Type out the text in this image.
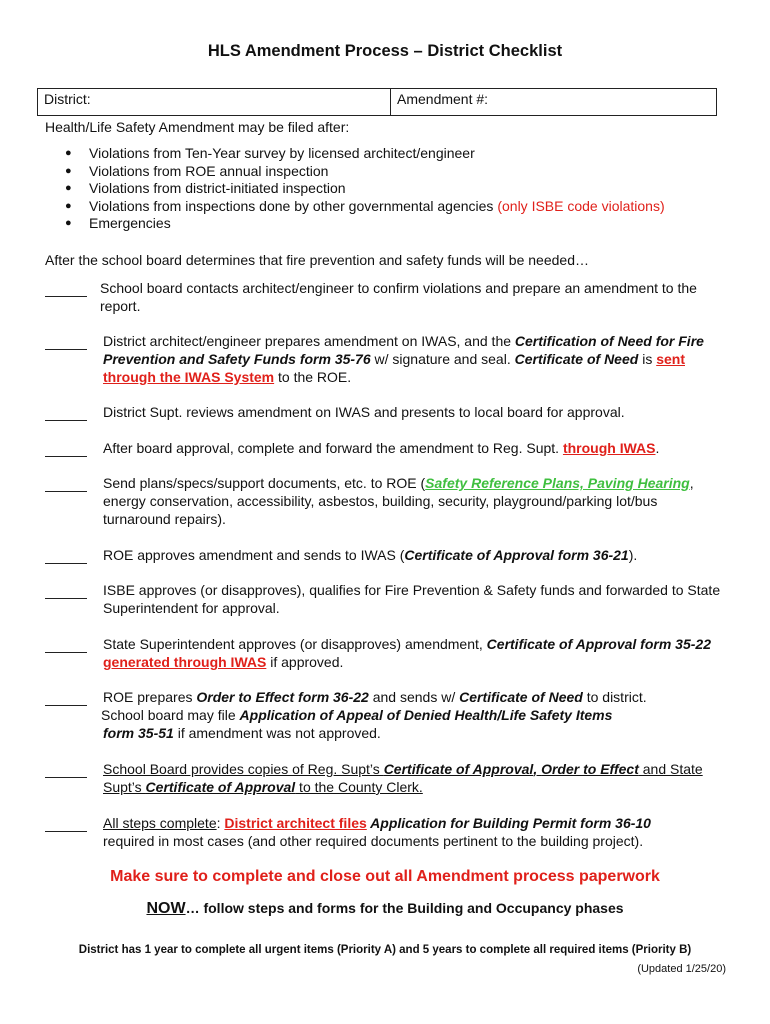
HLS Amendment Process – District Checklist
District:	Amendment #:
Health/Life Safety Amendment may be filed after:
● Violations from Ten-Year survey by licensed architect/engineer
● Violations from ROE annual inspection
● Violations from district-initiated inspection
● Violations from inspections done by other governmental agencies (only ISBE code violations)
● Emergencies
After the school board determines that fire prevention and safety funds will be needed…
School board contacts architect/engineer to confirm violations and prepare an amendment to the report.
District architect/engineer prepares amendment on IWAS, and the Certification of Need for Fire Prevention and Safety Funds form 35-76 w/ signature and seal. Certificate of Need is sent through the IWAS System to the ROE.
District Supt. reviews amendment on IWAS and presents to local board for approval.
After board approval, complete and forward the amendment to Reg. Supt. through IWAS.
Send plans/specs/support documents, etc. to ROE (Safety Reference Plans, Paving Hearing, energy conservation, accessibility, asbestos, building, security, playground/parking lot/bus turnaround repairs).
ROE approves amendment and sends to IWAS (Certificate of Approval form 36-21).
ISBE approves (or disapproves), qualifies for Fire Prevention & Safety funds and forwarded to State Superintendent for approval.
State Superintendent approves (or disapproves) amendment, Certificate of Approval form 35-22 generated through IWAS if approved.
ROE prepares Order to Effect form 36-22 and sends w/ Certificate of Need to district.
School board may file Application of Appeal of Denied Health/Life Safety Items
form 35-51 if amendment was not approved.
School Board provides copies of Reg. Supt’s Certificate of Approval, Order to Effect and State Supt’s Certificate of Approval to the County Clerk.
All steps complete: District architect files Application for Building Permit form 36-10
required in most cases (and other required documents pertinent to the building project).
Make sure to complete and close out all Amendment process paperwork
NOW… follow steps and forms for the Building and Occupancy phases
District has 1 year to complete all urgent items (Priority A) and 5 years to complete all required items (Priority B)
(Updated 1/25/20)
